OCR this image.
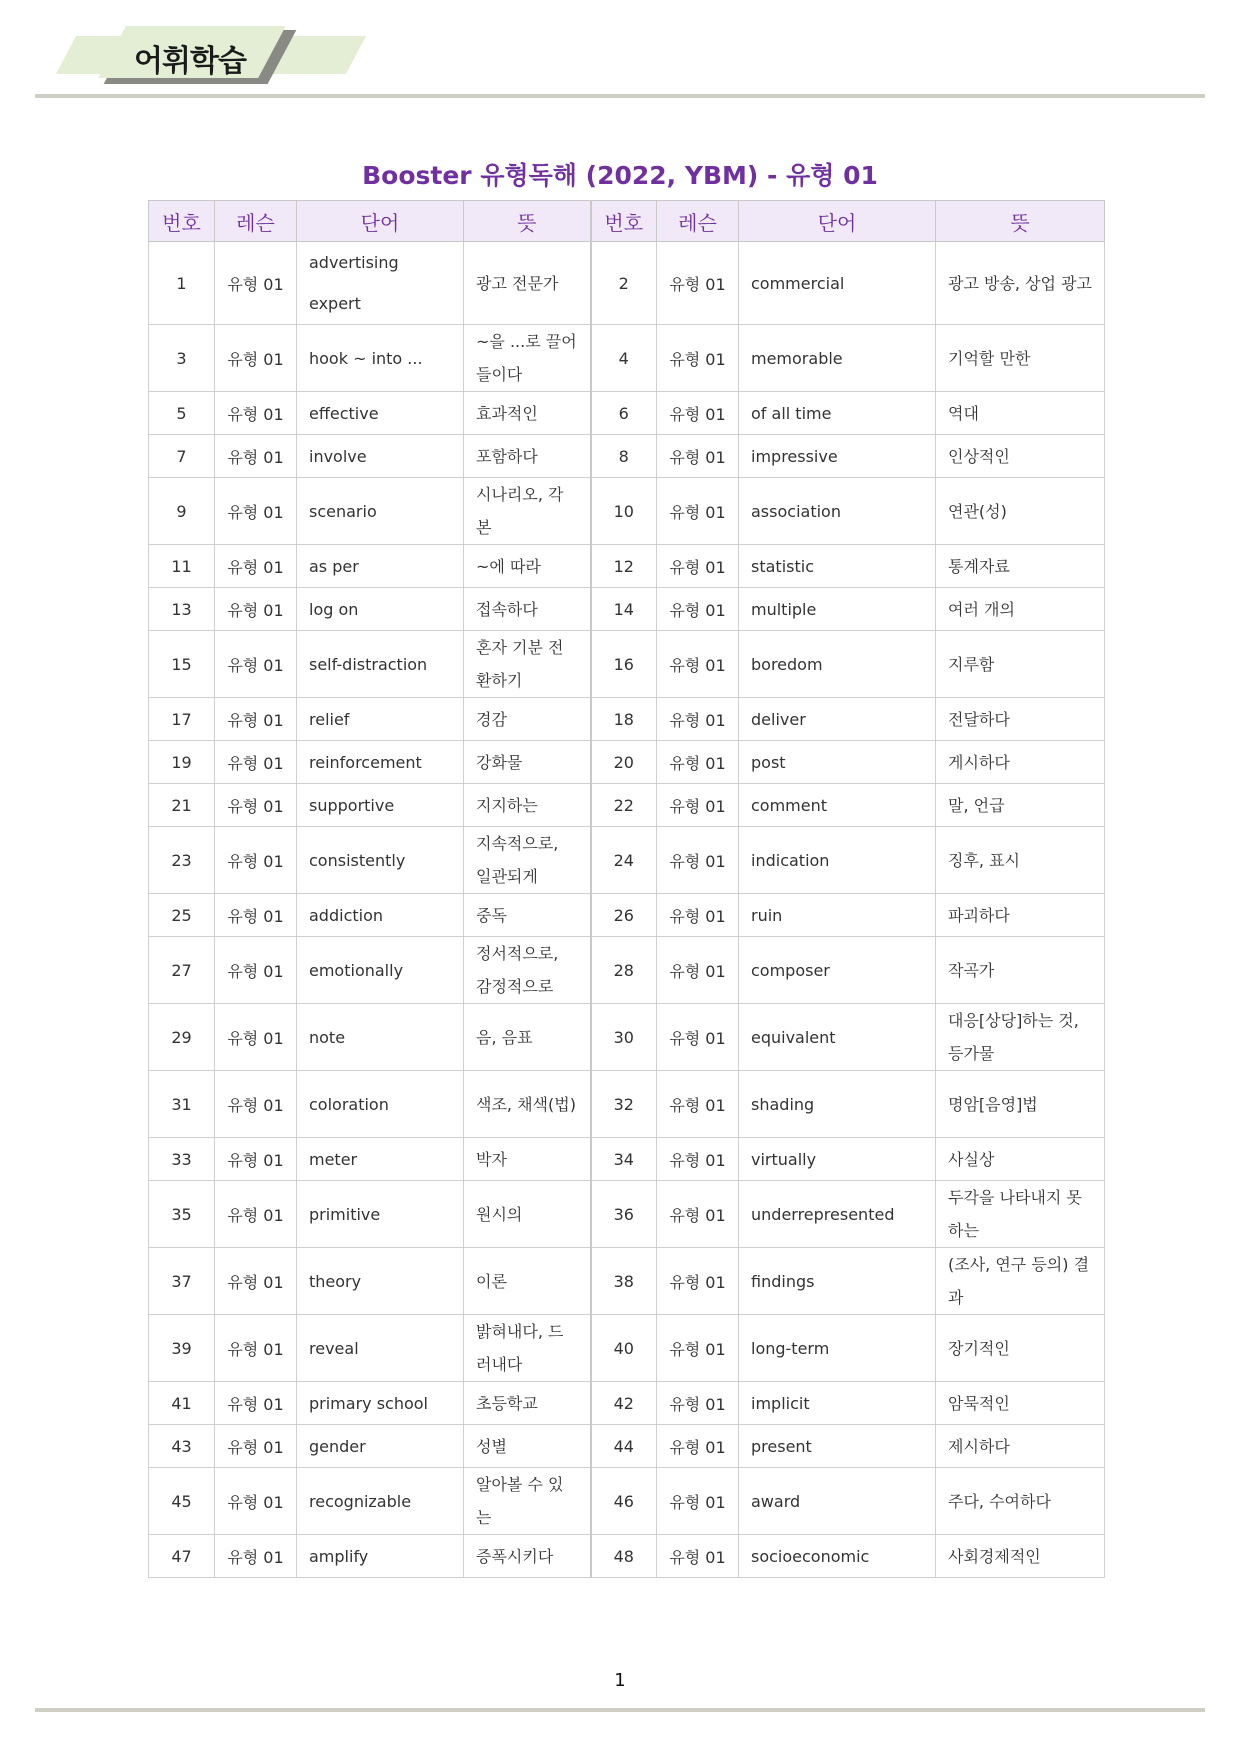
어휘학습
Booster 유형독해 (2022, YBM) - 유형 01
번호	레슨	단어	뜻	번호	레슨	단어	뜻
1	유형 01	advertising expert	광고 전문가	2	유형 01	commercial	광고 방송, 상업 광고
3	유형 01	hook ~ into ...	~을 ...로 끌어들이다	4	유형 01	memorable	기억할 만한
5	유형 01	effective	효과적인	6	유형 01	of all time	역대
7	유형 01	involve	포함하다	8	유형 01	impressive	인상적인
9	유형 01	scenario	시나리오, 각본	10	유형 01	association	연관(성)
11	유형 01	as per	~에 따라	12	유형 01	statistic	통계자료
13	유형 01	log on	접속하다	14	유형 01	multiple	여러 개의
15	유형 01	self-distraction	혼자 기분 전환하기	16	유형 01	boredom	지루함
17	유형 01	relief	경감	18	유형 01	deliver	전달하다
19	유형 01	reinforcement	강화물	20	유형 01	post	게시하다
21	유형 01	supportive	지지하는	22	유형 01	comment	말, 언급
23	유형 01	consistently	지속적으로, 일관되게	24	유형 01	indication	징후, 표시
25	유형 01	addiction	중독	26	유형 01	ruin	파괴하다
27	유형 01	emotionally	정서적으로, 감정적으로	28	유형 01	composer	작곡가
29	유형 01	note	음, 음표	30	유형 01	equivalent	대응[상당]하는 것, 등가물
31	유형 01	coloration	색조, 채색(법)	32	유형 01	shading	명암[음영]법
33	유형 01	meter	박자	34	유형 01	virtually	사실상
35	유형 01	primitive	원시의	36	유형 01	underrepresented	두각을 나타내지 못하는
37	유형 01	theory	이론	38	유형 01	findings	(조사, 연구 등의) 결과
39	유형 01	reveal	밝혀내다, 드러내다	40	유형 01	long-term	장기적인
41	유형 01	primary school	초등학교	42	유형 01	implicit	암묵적인
43	유형 01	gender	성별	44	유형 01	present	제시하다
45	유형 01	recognizable	알아볼 수 있는	46	유형 01	award	주다, 수여하다
47	유형 01	amplify	증폭시키다	48	유형 01	socioeconomic	사회경제적인
1
